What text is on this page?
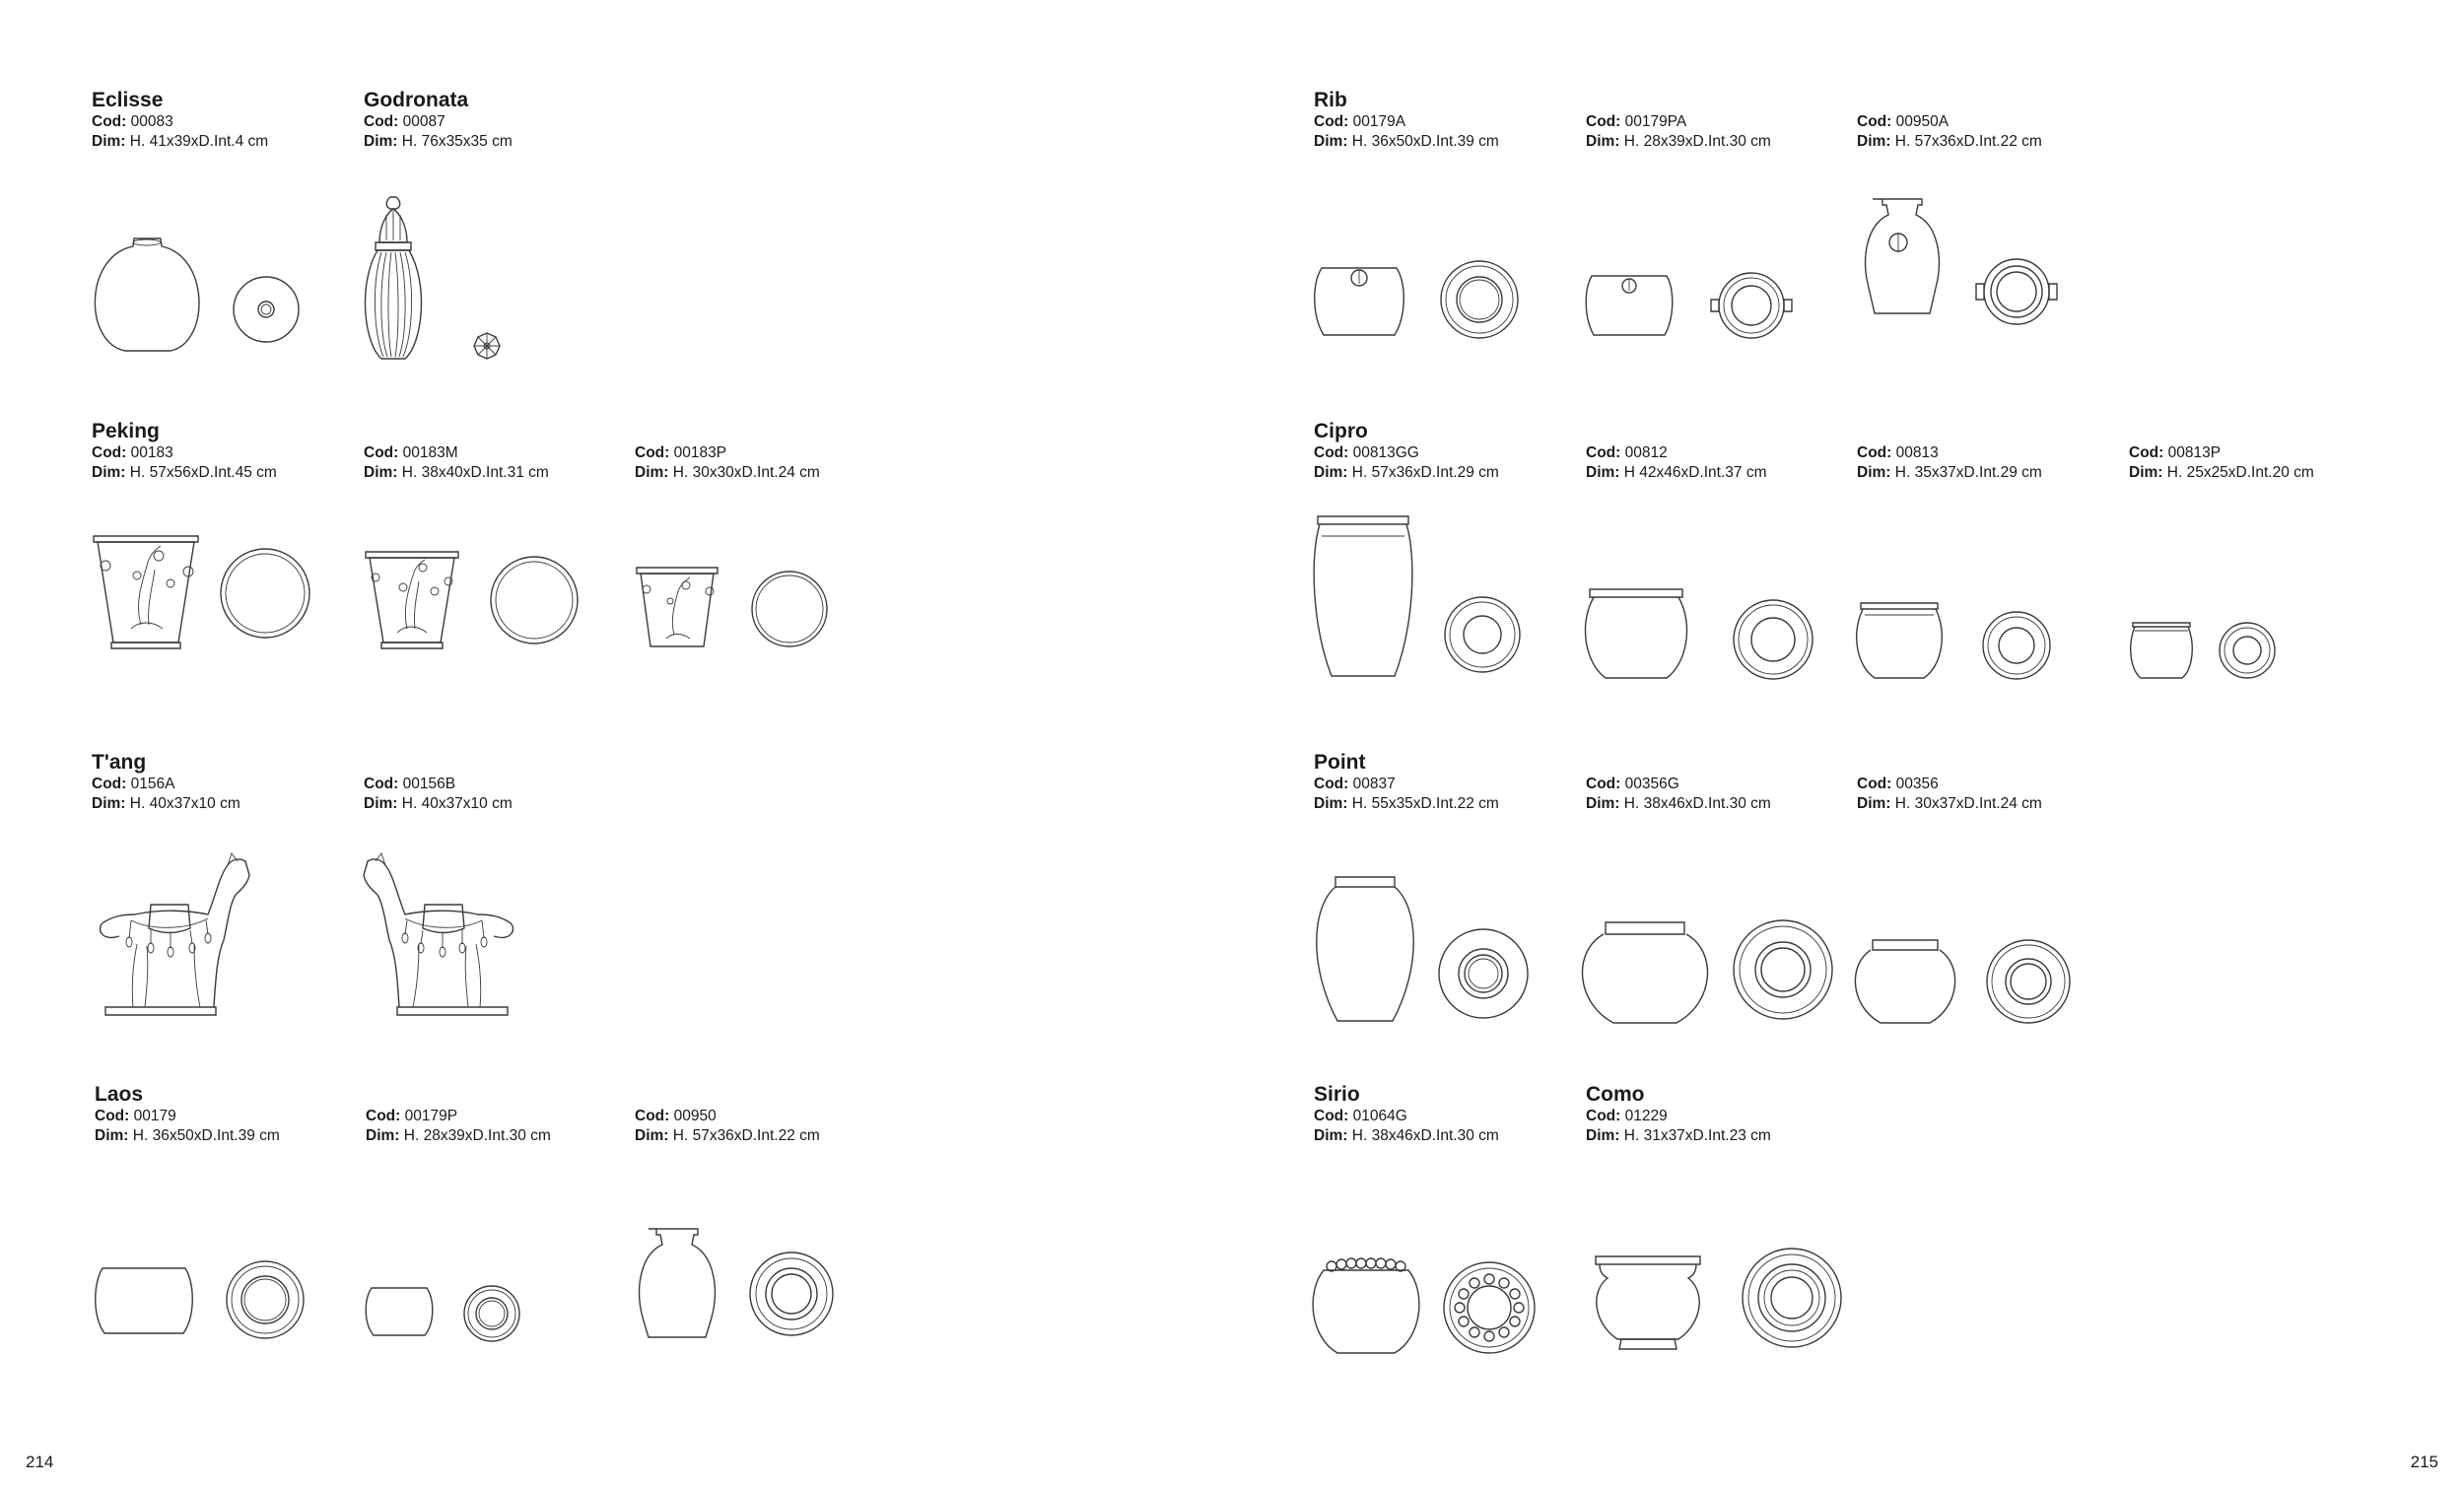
Eclisse
Cod: 00083
Dim: H. 41x39xD.Int.4 cm
Godronata
Cod: 00087
Dim: H. 76x35x35 cm
Peking
Cod: 00183
Dim: H. 57x56xD.Int.45 cm
Cod: 00183M
Dim: H. 38x40xD.Int.31 cm
Cod: 00183P
Dim: H. 30x30xD.Int.24 cm
T'ang
Cod: 0156A
Dim: H. 40x37x10 cm
Cod: 00156B
Dim: H. 40x37x10 cm
Laos
Cod: 00179
Dim: H. 36x50xD.Int.39 cm
Cod: 00179P
Dim: H. 28x39xD.Int.30 cm
Cod: 00950
Dim: H. 57x36xD.Int.22 cm
Rib
Cod: 00179A
Dim: H. 36x50xD.Int.39 cm
Cod: 00179PA
Dim: H. 28x39xD.Int.30 cm
Cod: 00950A
Dim: H. 57x36xD.Int.22 cm
Cipro
Cod: 00813GG
Dim: H. 57x36xD.Int.29 cm
Cod: 00812
Dim: H 42x46xD.Int.37 cm
Cod: 00813
Dim: H. 35x37xD.Int.29 cm
Cod: 00813P
Dim: H. 25x25xD.Int.20 cm
Point
Cod: 00837
Dim: H. 55x35xD.Int.22 cm
Cod: 00356G
Dim: H. 38x46xD.Int.30 cm
Cod: 00356
Dim: H. 30x37xD.Int.24 cm
Sirio
Cod: 01064G
Dim: H. 38x46xD.Int.30 cm
Como
Cod: 01229
Dim: H. 31x37xD.Int.23 cm
214	215
